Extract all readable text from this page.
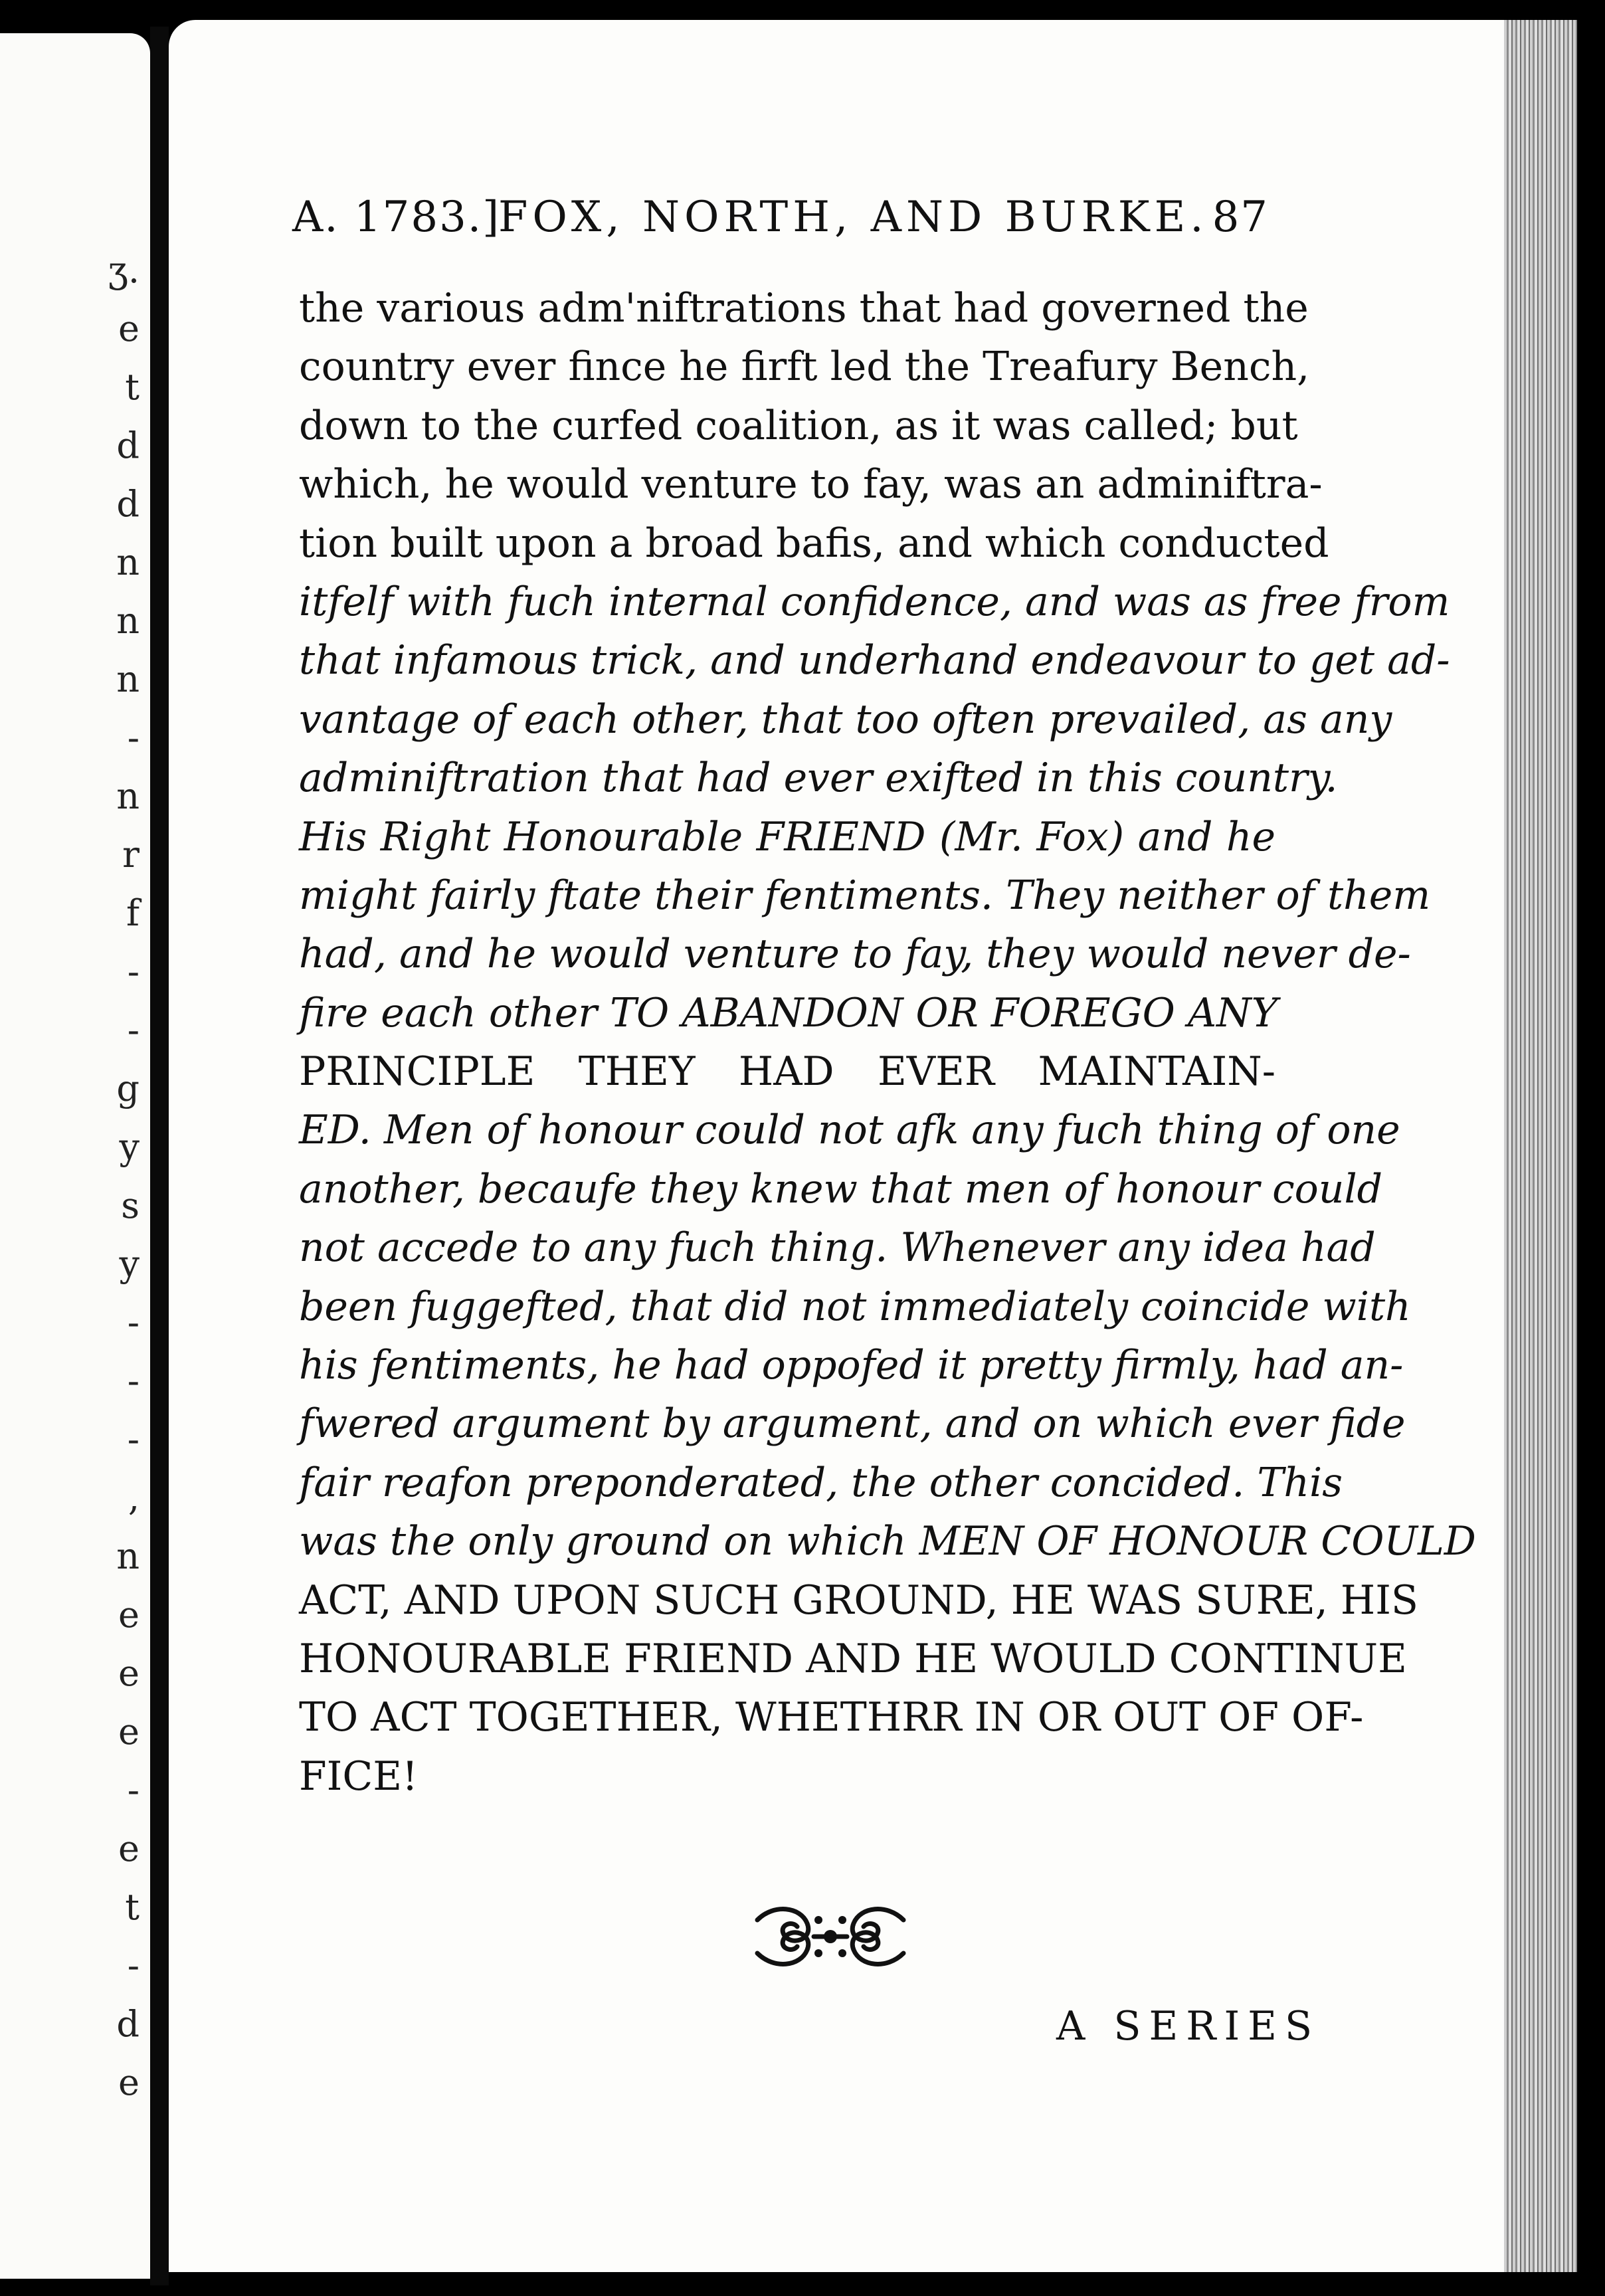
ʒ.
e
t
d
d
n
n
n
-
n
r
f
-
-
g
y
s
y
-
-
-
,
n
e
e
e
-
e
t
-
d
e
A. 1783.]
FOX, NORTH, AND BURKE. 87
the various adm'niftrations that had governed the
country ever fince he firft led the Treafury Bench,
down to the curfed coalition, as it was called; but
which, he would venture to fay, was an adminiftra-
tion built upon a broad bafis, and which conducted
itfelf with fuch internal confidence, and was as free from
that infamous trick, and underhand endeavour to get ad-
vantage of each other, that too often prevailed, as any
adminiftration that had ever exifted in this country.
His Right Honourable FRIEND (Mr. Fox) and he
might fairly ftate their fentiments. They neither of them
had, and he would venture to fay, they would never de-
fire each other TO ABANDON OR FOREGO ANY
PRINCIPLE THEY HAD EVER MAINTAIN-
ED. Men of honour could not afk any fuch thing of one
another, becaufe they knew that men of honour could
not accede to any fuch thing. Whenever any idea had
been fuggefted, that did not immediately coincide with
his fentiments, he had oppofed it pretty firmly, had an-
fwered argument by argument, and on which ever fide
fair reafon preponderated, the other concided. This
was the only ground on which MEN OF HONOUR COULD
ACT, AND UPON SUCH GROUND, HE WAS SURE, HIS
HONOURABLE FRIEND AND HE WOULD CONTINUE
TO ACT TOGETHER, WHETHRR IN OR OUT OF OF-
FICE!
A SERIES
